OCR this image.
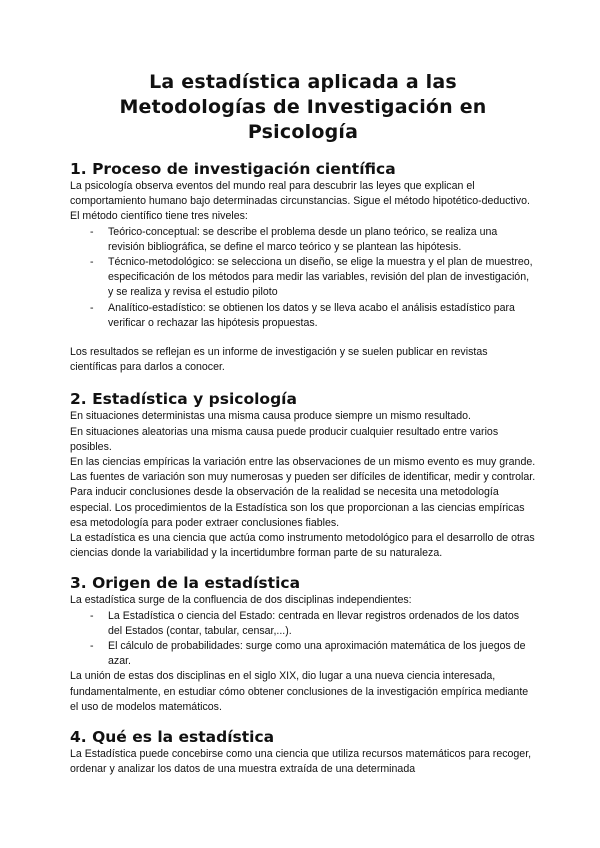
La estadística aplicada a las Metodologías de Investigación en Psicología
1. Proceso de investigación científica

La psicología observa eventos del mundo real para descubrir las leyes que explican el comportamiento humano bajo determinadas circunstancias. Sigue el método hipotético-deductivo.

El método científico tiene tres niveles:

- Teórico-conceptual: se describe el problema desde un plano teórico, se realiza una revisión bibliográfica, se define el marco teórico y se plantean las hipótesis.
- Técnico-metodológico: se selecciona un diseño, se elige la muestra y el plan de muestreo, especificación de los métodos para medir las variables, revisión del plan de investigación, y se realiza y revisa el estudio piloto
- Analítico-estadístico: se obtienen los datos y se lleva acabo el análisis estadístico para verificar o rechazar las hipótesis propuestas.

Los resultados se reflejan es un informe de investigación y se suelen publicar en revistas científicas para darlos a conocer.

2. Estadística y psicología

En situaciones deterministas una misma causa produce siempre un mismo resultado.

En situaciones aleatorias una misma causa puede producir cualquier resultado entre varios posibles.

En las ciencias empíricas la variación entre las observaciones de un mismo evento es muy grande. Las fuentes de variación son muy numerosas y pueden ser difíciles de identificar, medir y controlar.

Para inducir conclusiones desde la observación de la realidad se necesita una metodología especial. Los procedimientos de la Estadística son los que proporcionan a las ciencias empíricas esa metodología para poder extraer conclusiones fiables.

La estadística es una ciencia que actúa como instrumento metodológico para el desarrollo de otras ciencias donde la variabilidad y la incertidumbre forman parte de su naturaleza.

3. Origen de la estadística

La estadística surge de la confluencia de dos disciplinas independientes:

- La Estadística o ciencia del Estado: centrada en llevar registros ordenados de los datos del Estados (contar, tabular, censar,...).
- El cálculo de probabilidades: surge como una aproximación matemática de los juegos de azar.

La unión de estas dos disciplinas en el siglo XIX, dio lugar a una nueva ciencia interesada, fundamentalmente, en estudiar cómo obtener conclusiones de la investigación empírica mediante el uso de modelos matemáticos.

4. Qué es la estadística

La Estadística puede concebirse como una ciencia que utiliza recursos matemáticos para recoger, ordenar y analizar los datos de una muestra extraída de una determinada
